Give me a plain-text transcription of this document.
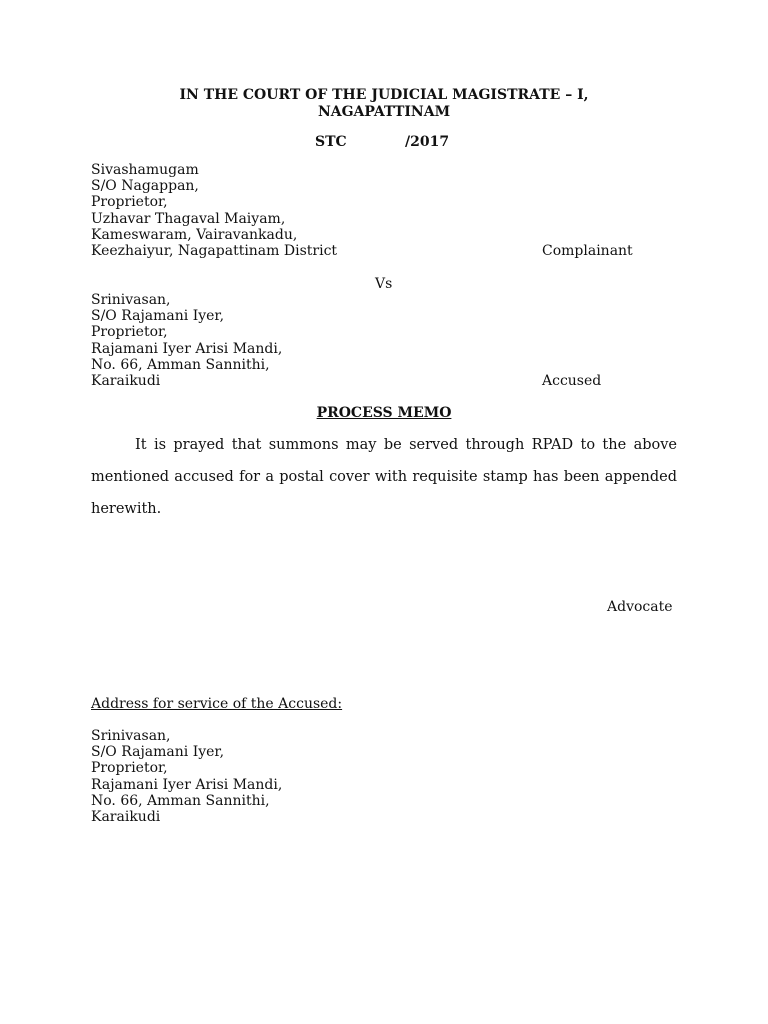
IN THE COURT OF THE JUDICIAL MAGISTRATE – I,
NAGAPATTINAM
STC	/2017
Sivashamugam
S/O Nagappan,
Proprietor,
Uzhavar Thagaval Maiyam,
Kameswaram, Vairavankadu,
Keezhaiyur, Nagapattinam District	Complainant
Vs
Srinivasan,
S/O Rajamani Iyer,
Proprietor,
Rajamani Iyer Arisi Mandi,
No. 66, Amman Sannithi,
Karaikudi	Accused
PROCESS MEMO
It is prayed that summons may be served through RPAD to the above mentioned accused for a postal cover with requisite stamp has been appended herewith.
Advocate
Address for service of the Accused:
Srinivasan,
S/O Rajamani Iyer,
Proprietor,
Rajamani Iyer Arisi Mandi,
No. 66, Amman Sannithi,
Karaikudi
